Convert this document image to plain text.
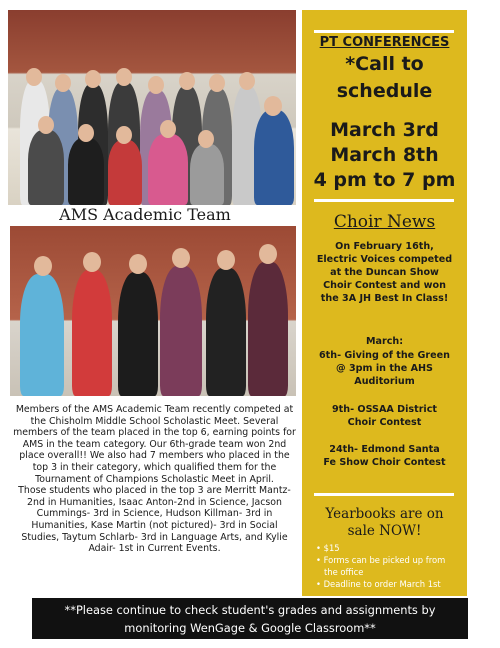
AMS Academic Team
Members of the AMS Academic Team recently competed at the Chisholm Middle School Scholastic Meet. Several members of the team placed in the top 6, earning points for AMS in the team category. Our 6th-grade team won 2nd place overall!! We also had 7 members who placed in the top 3 in their category, which qualified them for the Tournament of Champions Scholastic Meet in April.
Those students who placed in the top 3 are Merritt Mantz- 2nd in Humanities, Isaac Anton-2nd in Science, Jacson Cummings- 3rd in Science, Hudson Killman- 3rd in Humanities, Kase Martin (not pictured)- 3rd in Social Studies, Taytum Schlarb- 3rd in Language Arts, and Kylie Adair- 1st in Current Events.
PT CONFERENCES
*Call to schedule
March 3rd
March 8th
4 pm to 7 pm
Choir News
On February 16th, Electric Voices competed at the Duncan Show Choir Contest and won the 3A JH Best In Class!
March:
6th- Giving of the Green @ 3pm in the AHS Auditorium
9th- OSSAA District Choir Contest
24th- Edmond Santa Fe Show Choir Contest
Yearbooks are on sale NOW!
• $15
• Forms can be picked up from the office
• Deadline to order March 1st
**Please continue to check student's grades and assignments by monitoring WenGage & Google Classroom**
